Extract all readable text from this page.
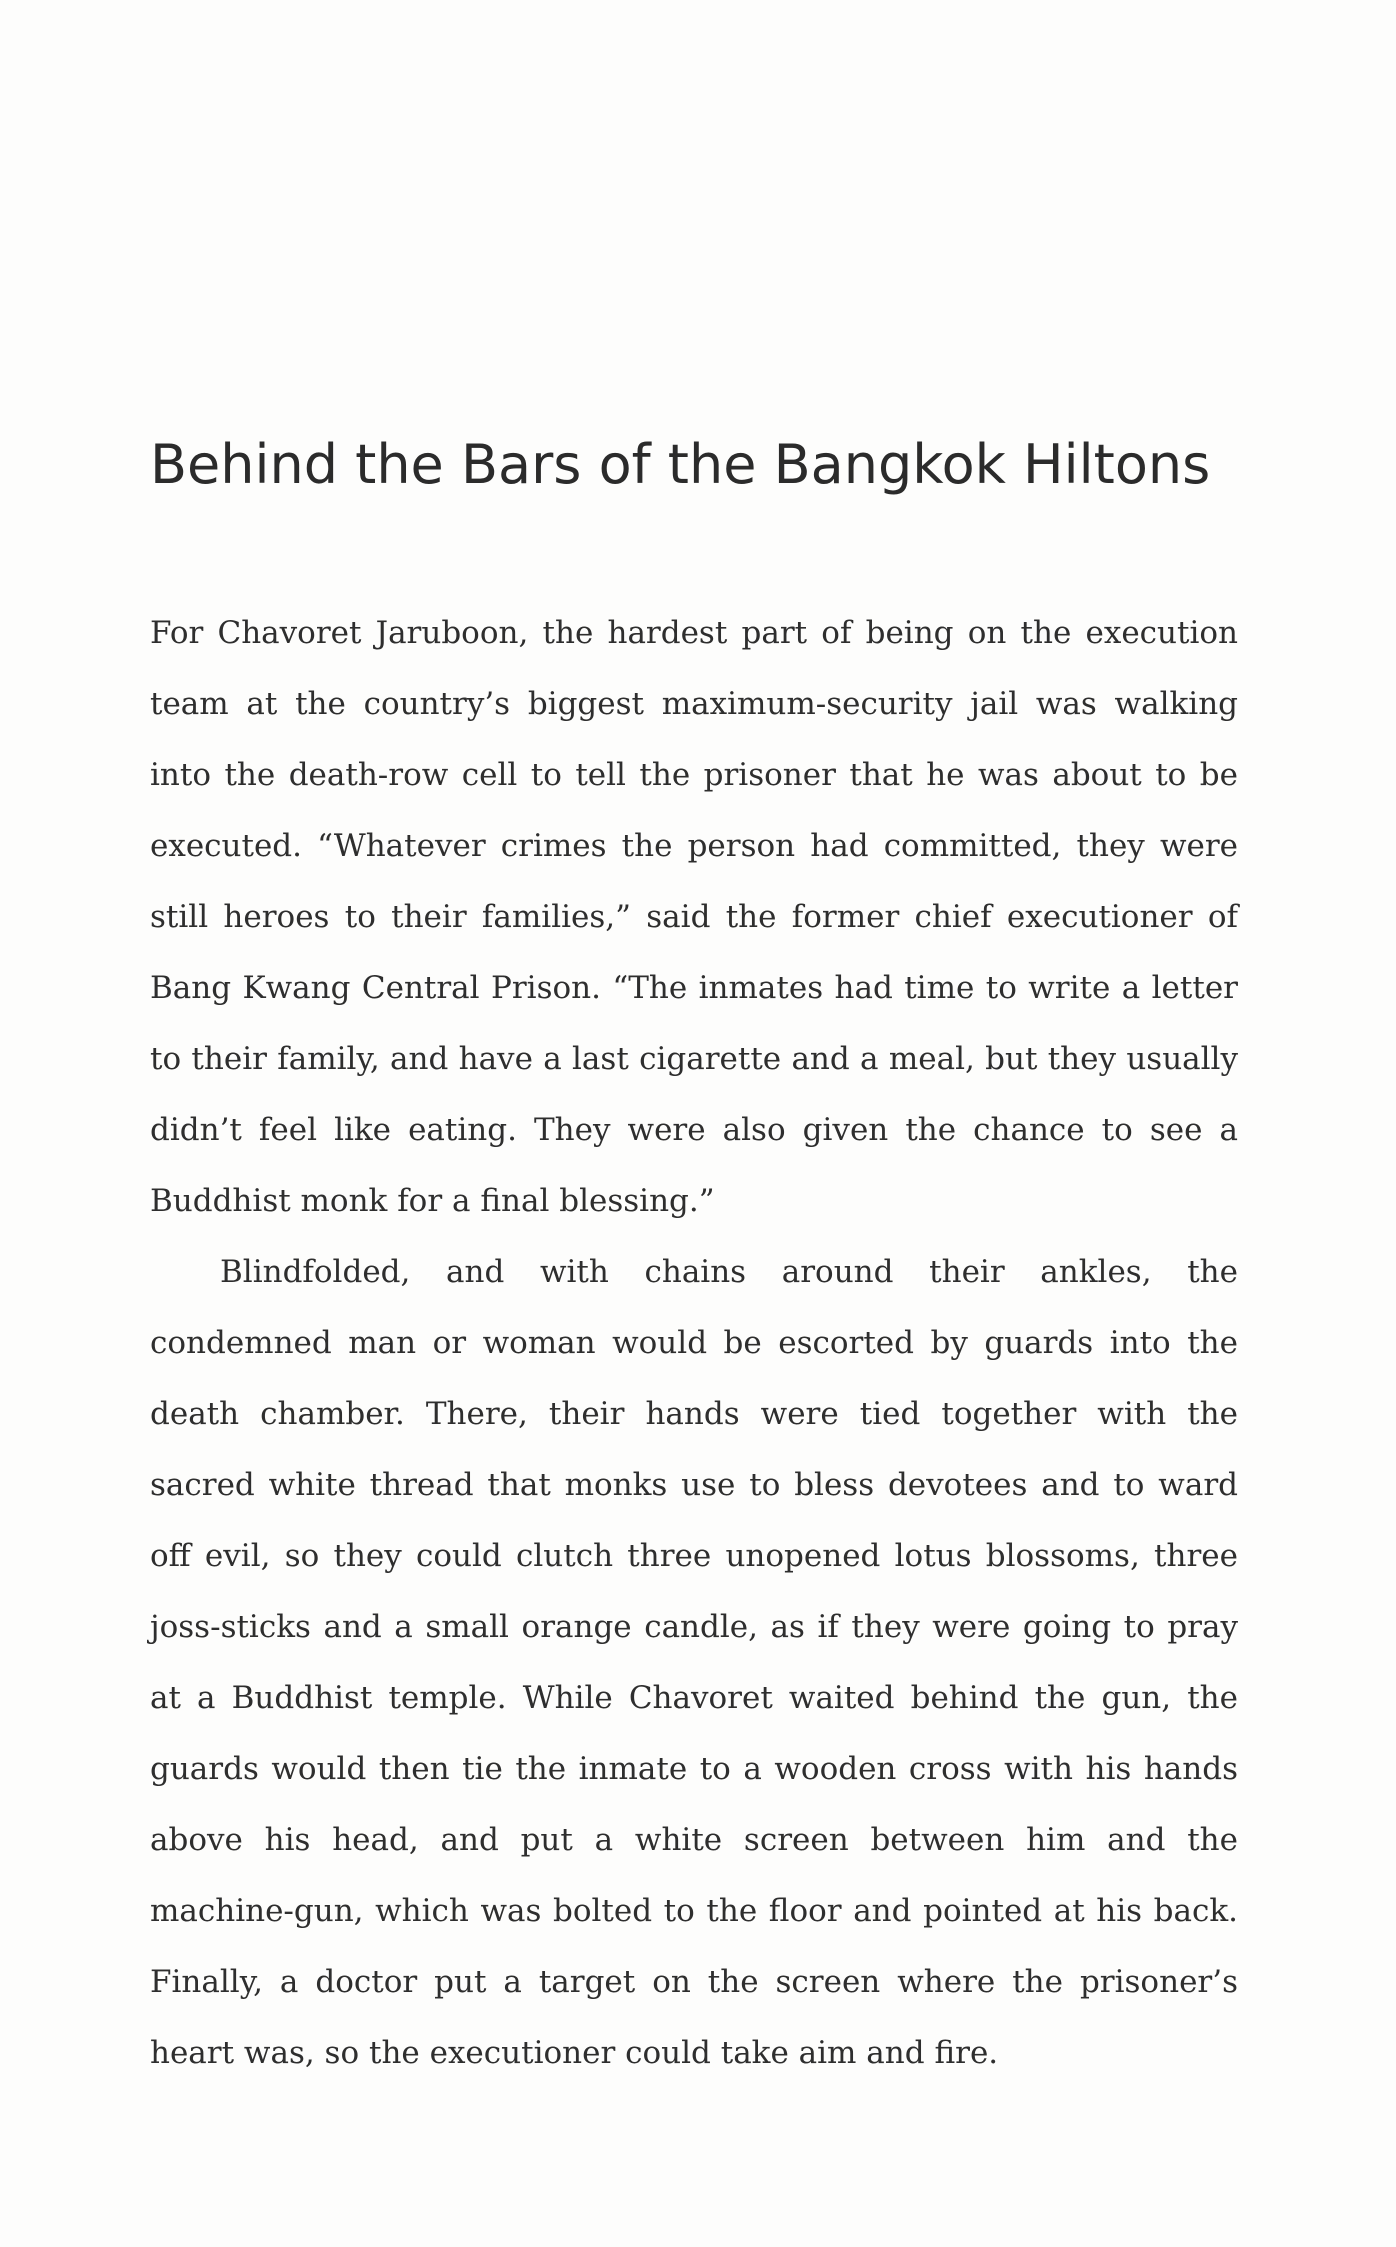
Behind the Bars of the Bangkok Hiltons

For Chavoret Jaruboon, the hardest part of being on the execution team at the country’s biggest maximum-security jail was walking into the death-row cell to tell the prisoner that he was about to be executed. “Whatever crimes the person had committed, they were still heroes to their families,” said the former chief executioner of Bang Kwang Central Prison. “The inmates had time to write a letter to their family, and have a last cigarette and a meal, but they usually didn’t feel like eating. They were also given the chance to see a Buddhist monk for a final blessing.”

Blindfolded, and with chains around their ankles, the condemned man or woman would be escorted by guards into the death chamber. There, their hands were tied together with the sacred white thread that monks use to bless devotees and to ward off evil, so they could clutch three unopened lotus blossoms, three joss-sticks and a small orange candle, as if they were going to pray at a Buddhist temple. While Chavoret waited behind the gun, the guards would then tie the inmate to a wooden cross with his hands above his head, and put a white screen between him and the machine-gun, which was bolted to the floor and pointed at his back. Finally, a doctor put a target on the screen where the prisoner’s heart was, so the executioner could take aim and fire.
